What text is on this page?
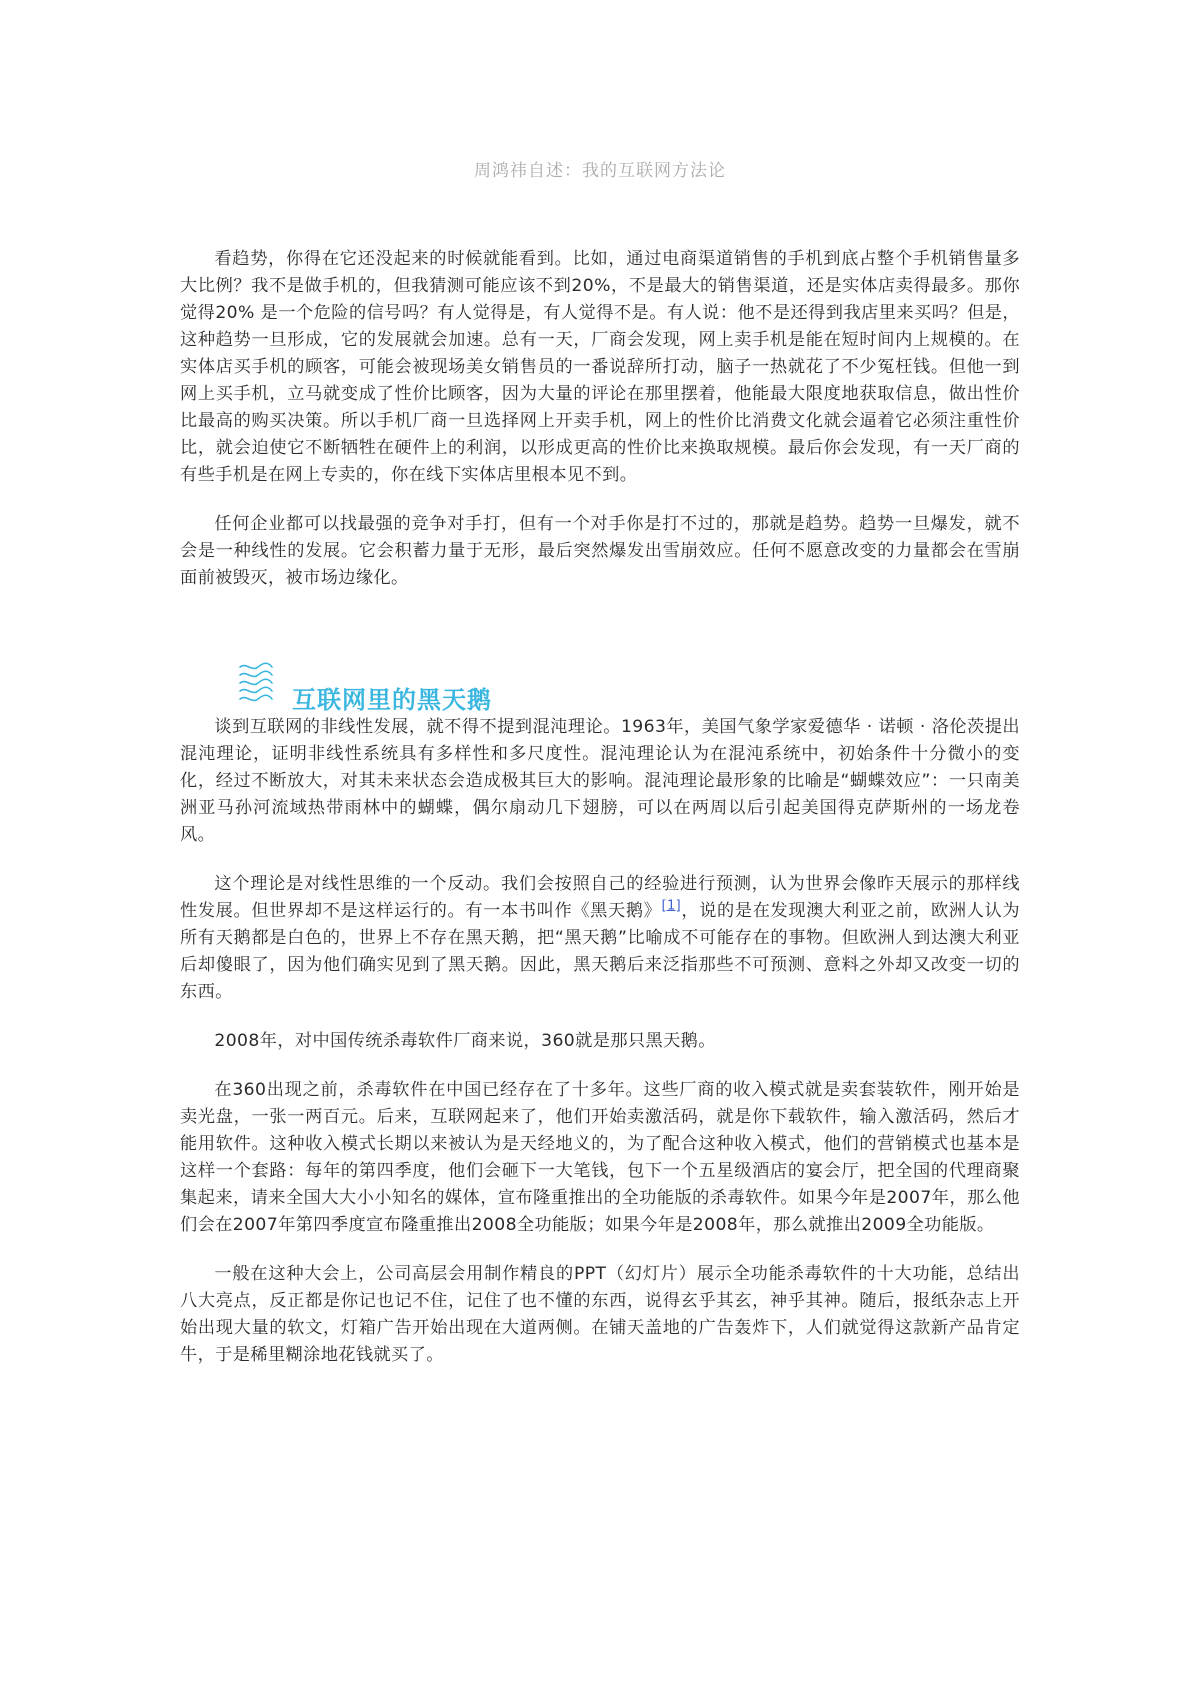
周鸿祎自述：我的互联网方法论

看趋势，你得在它还没起来的时候就能看到。比如，通过电商渠道销售的手机到底占整个手机销售量多大比例？我不是做手机的，但我猜测可能应该不到20%，不是最大的销售渠道，还是实体店卖得最多。那你觉得20% 是一个危险的信号吗？有人觉得是，有人觉得不是。有人说：他不是还得到我店里来买吗？但是，这种趋势一旦形成，它的发展就会加速。总有一天，厂商会发现，网上卖手机是能在短时间内上规模的。在实体店买手机的顾客，可能会被现场美女销售员的一番说辞所打动，脑子一热就花了不少冤枉钱。但他一到网上买手机，立马就变成了性价比顾客，因为大量的评论在那里摆着，他能最大限度地获取信息，做出性价比最高的购买决策。所以手机厂商一旦选择网上开卖手机，网上的性价比消费文化就会逼着它必须注重性价比，就会迫使它不断牺牲在硬件上的利润，以形成更高的性价比来换取规模。最后你会发现，有一天厂商的有些手机是在网上专卖的，你在线下实体店里根本见不到。

任何企业都可以找最强的竞争对手打，但有一个对手你是打不过的，那就是趋势。趋势一旦爆发，就不会是一种线性的发展。它会积蓄力量于无形，最后突然爆发出雪崩效应。任何不愿意改变的力量都会在雪崩面前被毁灭，被市场边缘化。

互联网里的黑天鹅

谈到互联网的非线性发展，就不得不提到混沌理论。1963年，美国气象学家爱德华 · 诺顿 · 洛伦茨提出混沌理论，证明非线性系统具有多样性和多尺度性。混沌理论认为在混沌系统中，初始条件十分微小的变化，经过不断放大，对其未来状态会造成极其巨大的影响。混沌理论最形象的比喻是“蝴蝶效应”：一只南美洲亚马孙河流域热带雨林中的蝴蝶，偶尔扇动几下翅膀，可以在两周以后引起美国得克萨斯州的一场龙卷风。

这个理论是对线性思维的一个反动。我们会按照自己的经验进行预测，认为世界会像昨天展示的那样线性发展。但世界却不是这样运行的。有一本书叫作《黑天鹅》[1]，说的是在发现澳大利亚之前，欧洲人认为所有天鹅都是白色的，世界上不存在黑天鹅，把“黑天鹅”比喻成不可能存在的事物。但欧洲人到达澳大利亚后却傻眼了，因为他们确实见到了黑天鹅。因此，黑天鹅后来泛指那些不可预测、意料之外却又改变一切的东西。

2008年，对中国传统杀毒软件厂商来说，360就是那只黑天鹅。

在360出现之前，杀毒软件在中国已经存在了十多年。这些厂商的收入模式就是卖套装软件，刚开始是卖光盘，一张一两百元。后来，互联网起来了，他们开始卖激活码，就是你下载软件，输入激活码，然后才能用软件。这种收入模式长期以来被认为是天经地义的，为了配合这种收入模式，他们的营销模式也基本是这样一个套路：每年的第四季度，他们会砸下一大笔钱，包下一个五星级酒店的宴会厅，把全国的代理商聚集起来，请来全国大大小小知名的媒体，宣布隆重推出的全功能版的杀毒软件。如果今年是2007年，那么他们会在2007年第四季度宣布隆重推出2008全功能版；如果今年是2008年，那么就推出2009全功能版。

一般在这种大会上，公司高层会用制作精良的PPT（幻灯片）展示全功能杀毒软件的十大功能，总结出八大亮点，反正都是你记也记不住，记住了也不懂的东西，说得玄乎其玄，神乎其神。随后，报纸杂志上开始出现大量的软文，灯箱广告开始出现在大道两侧。在铺天盖地的广告轰炸下，人们就觉得这款新产品肯定牛，于是稀里糊涂地花钱就买了。
